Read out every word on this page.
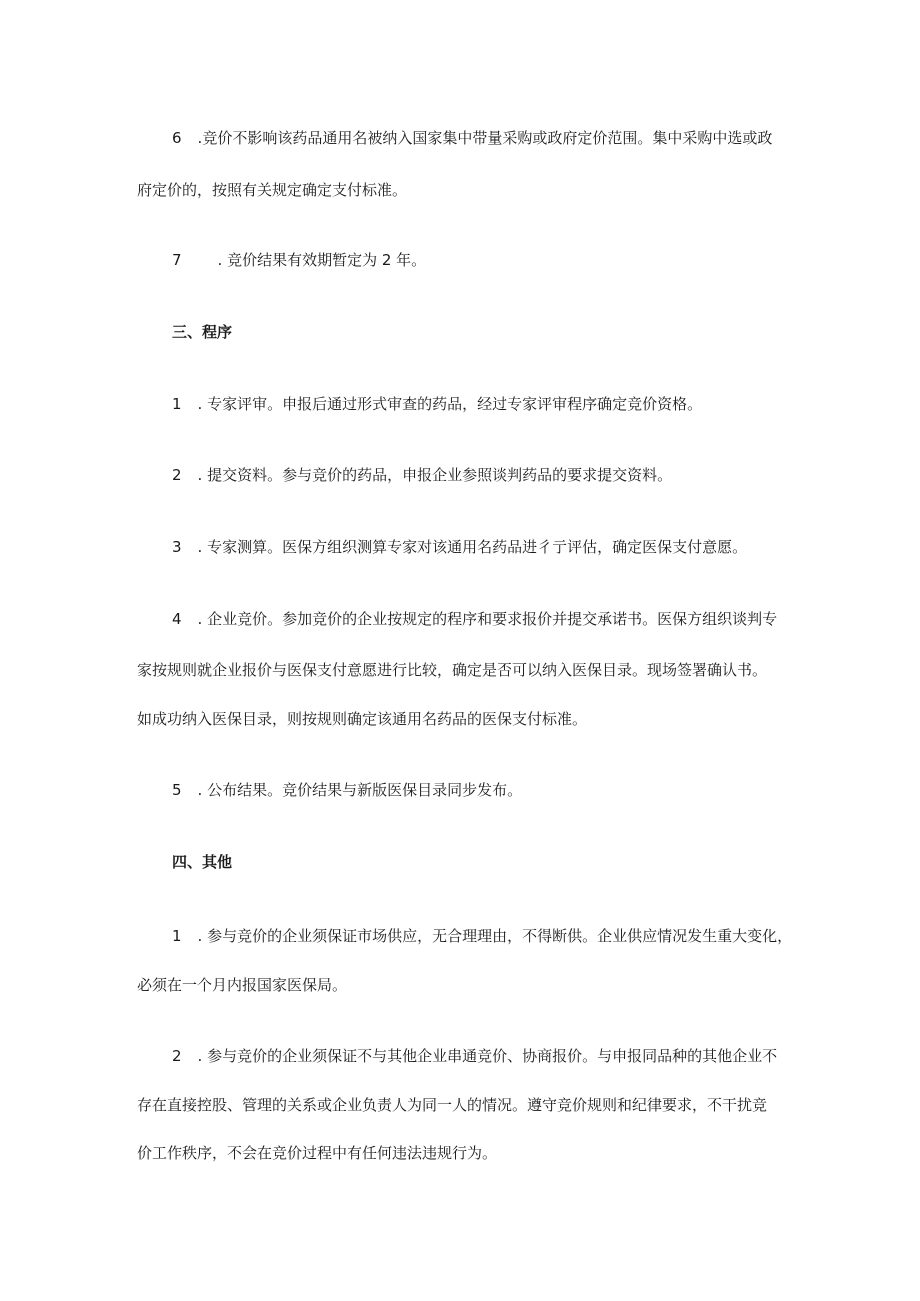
6 .竞价不影响该药品通用名被纳入国家集中带量采购或政府定价范围。集中采购中选或政
府定价的，按照有关规定确定支付标准。
7 . 竞价结果有效期暂定为 2 年。
三、程序
1 . 专家评审。申报后通过形式审查的药品，经过专家评审程序确定竞价资格。
2 . 提交资料。参与竞价的药品，申报企业参照谈判药品的要求提交资料。
3 . 专家测算。医保方组织测算专家对该通用名药品进彳亍评估，确定医保支付意愿。
4 . 企业竞价。参加竞价的企业按规定的程序和要求报价并提交承诺书。医保方组织谈判专
家按规则就企业报价与医保支付意愿进行比较，确定是否可以纳入医保目录。现场签署确认书。
如成功纳入医保目录，则按规则确定该通用名药品的医保支付标准。
5 . 公布结果。竞价结果与新版医保目录同步发布。
四、其他
1 . 参与竞价的企业须保证市场供应，无合理理由，不得断供。企业供应情况发生重大变化，
必须在一个月内报国家医保局。
2 . 参与竞价的企业须保证不与其他企业串通竞价、协商报价。与申报同品种的其他企业不
存在直接控股、管理的关系或企业负责人为同一人的情况。遵守竞价规则和纪律要求，不干扰竞
价工作秩序，不会在竞价过程中有任何违法违规行为。
